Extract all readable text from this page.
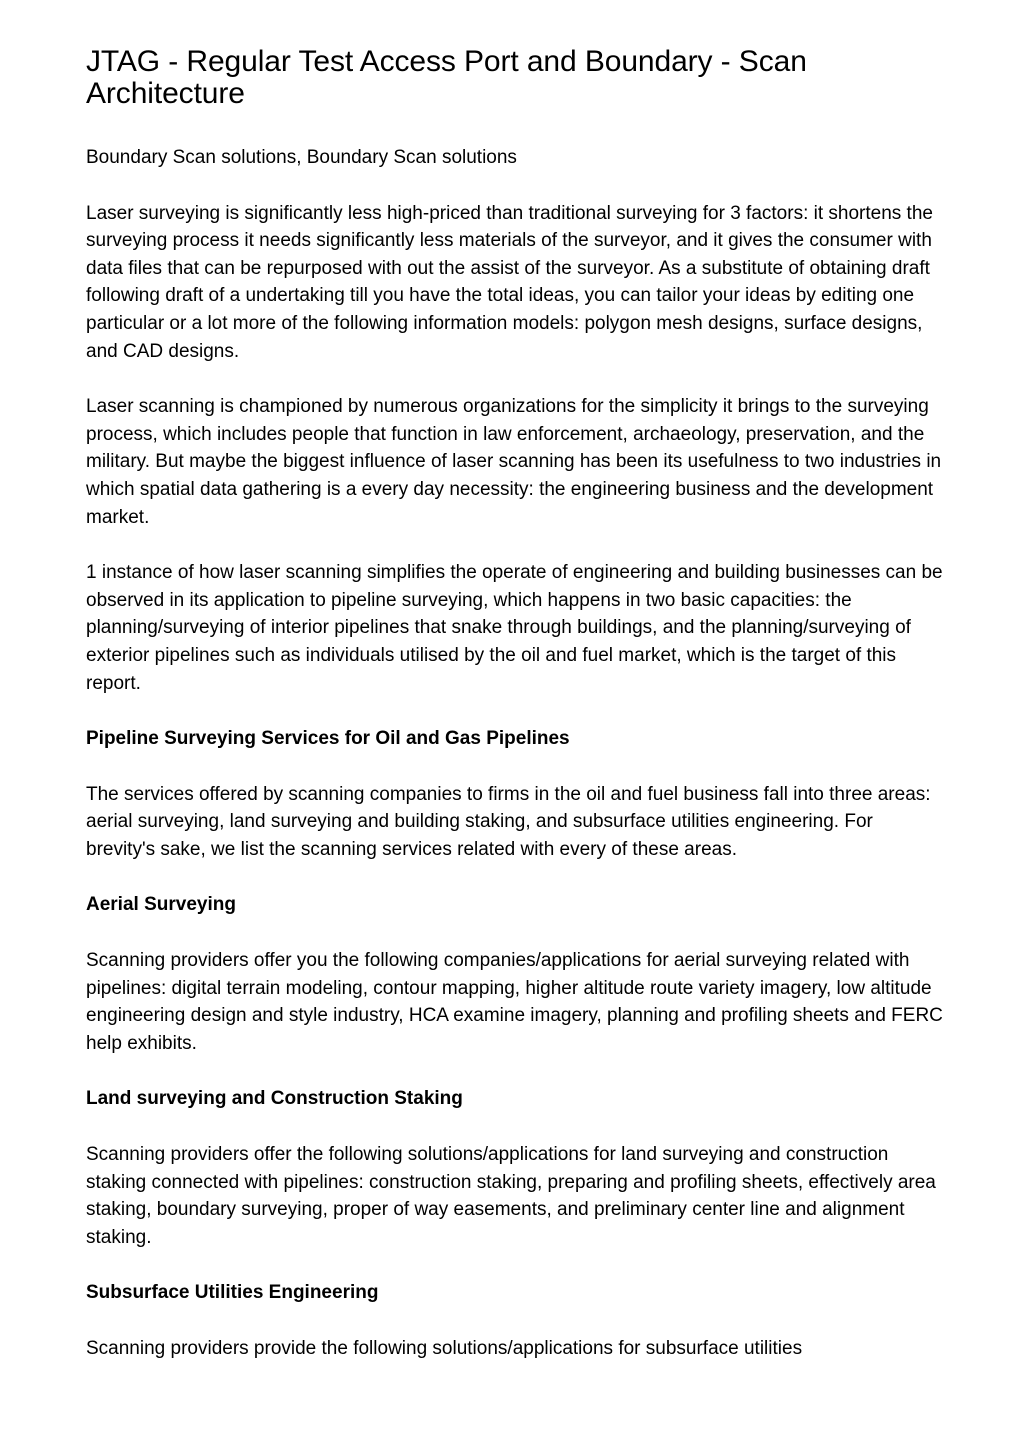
JTAG - Regular Test Access Port and Boundary - Scan Architecture

Boundary Scan solutions, Boundary Scan solutions

Laser surveying is significantly less high-priced than traditional surveying for 3 factors: it shortens the surveying process it needs significantly less materials of the surveyor, and it gives the consumer with data files that can be repurposed with out the assist of the surveyor. As a substitute of obtaining draft following draft of a undertaking till you have the total ideas, you can tailor your ideas by editing one particular or a lot more of the following information models: polygon mesh designs, surface designs, and CAD designs.

Laser scanning is championed by numerous organizations for the simplicity it brings to the surveying process, which includes people that function in law enforcement, archaeology, preservation, and the military. But maybe the biggest influence of laser scanning has been its usefulness to two industries in which spatial data gathering is a every day necessity: the engineering business and the development market.

1 instance of how laser scanning simplifies the operate of engineering and building businesses can be observed in its application to pipeline surveying, which happens in two basic capacities: the planning/surveying of interior pipelines that snake through buildings, and the planning/surveying of exterior pipelines such as individuals utilised by the oil and fuel market, which is the target of this report.

Pipeline Surveying Services for Oil and Gas Pipelines

The services offered by scanning companies to firms in the oil and fuel business fall into three areas: aerial surveying, land surveying and building staking, and subsurface utilities engineering. For brevity's sake, we list the scanning services related with every of these areas.

Aerial Surveying

Scanning providers offer you the following companies/applications for aerial surveying related with pipelines: digital terrain modeling, contour mapping, higher altitude route variety imagery, low altitude engineering design and style industry, HCA examine imagery, planning and profiling sheets and FERC help exhibits.

Land surveying and Construction Staking

Scanning providers offer the following solutions/applications for land surveying and construction staking connected with pipelines: construction staking, preparing and profiling sheets, effectively area staking, boundary surveying, proper of way easements, and preliminary center line and alignment staking.

Subsurface Utilities Engineering

Scanning providers provide the following solutions/applications for subsurface utilities
